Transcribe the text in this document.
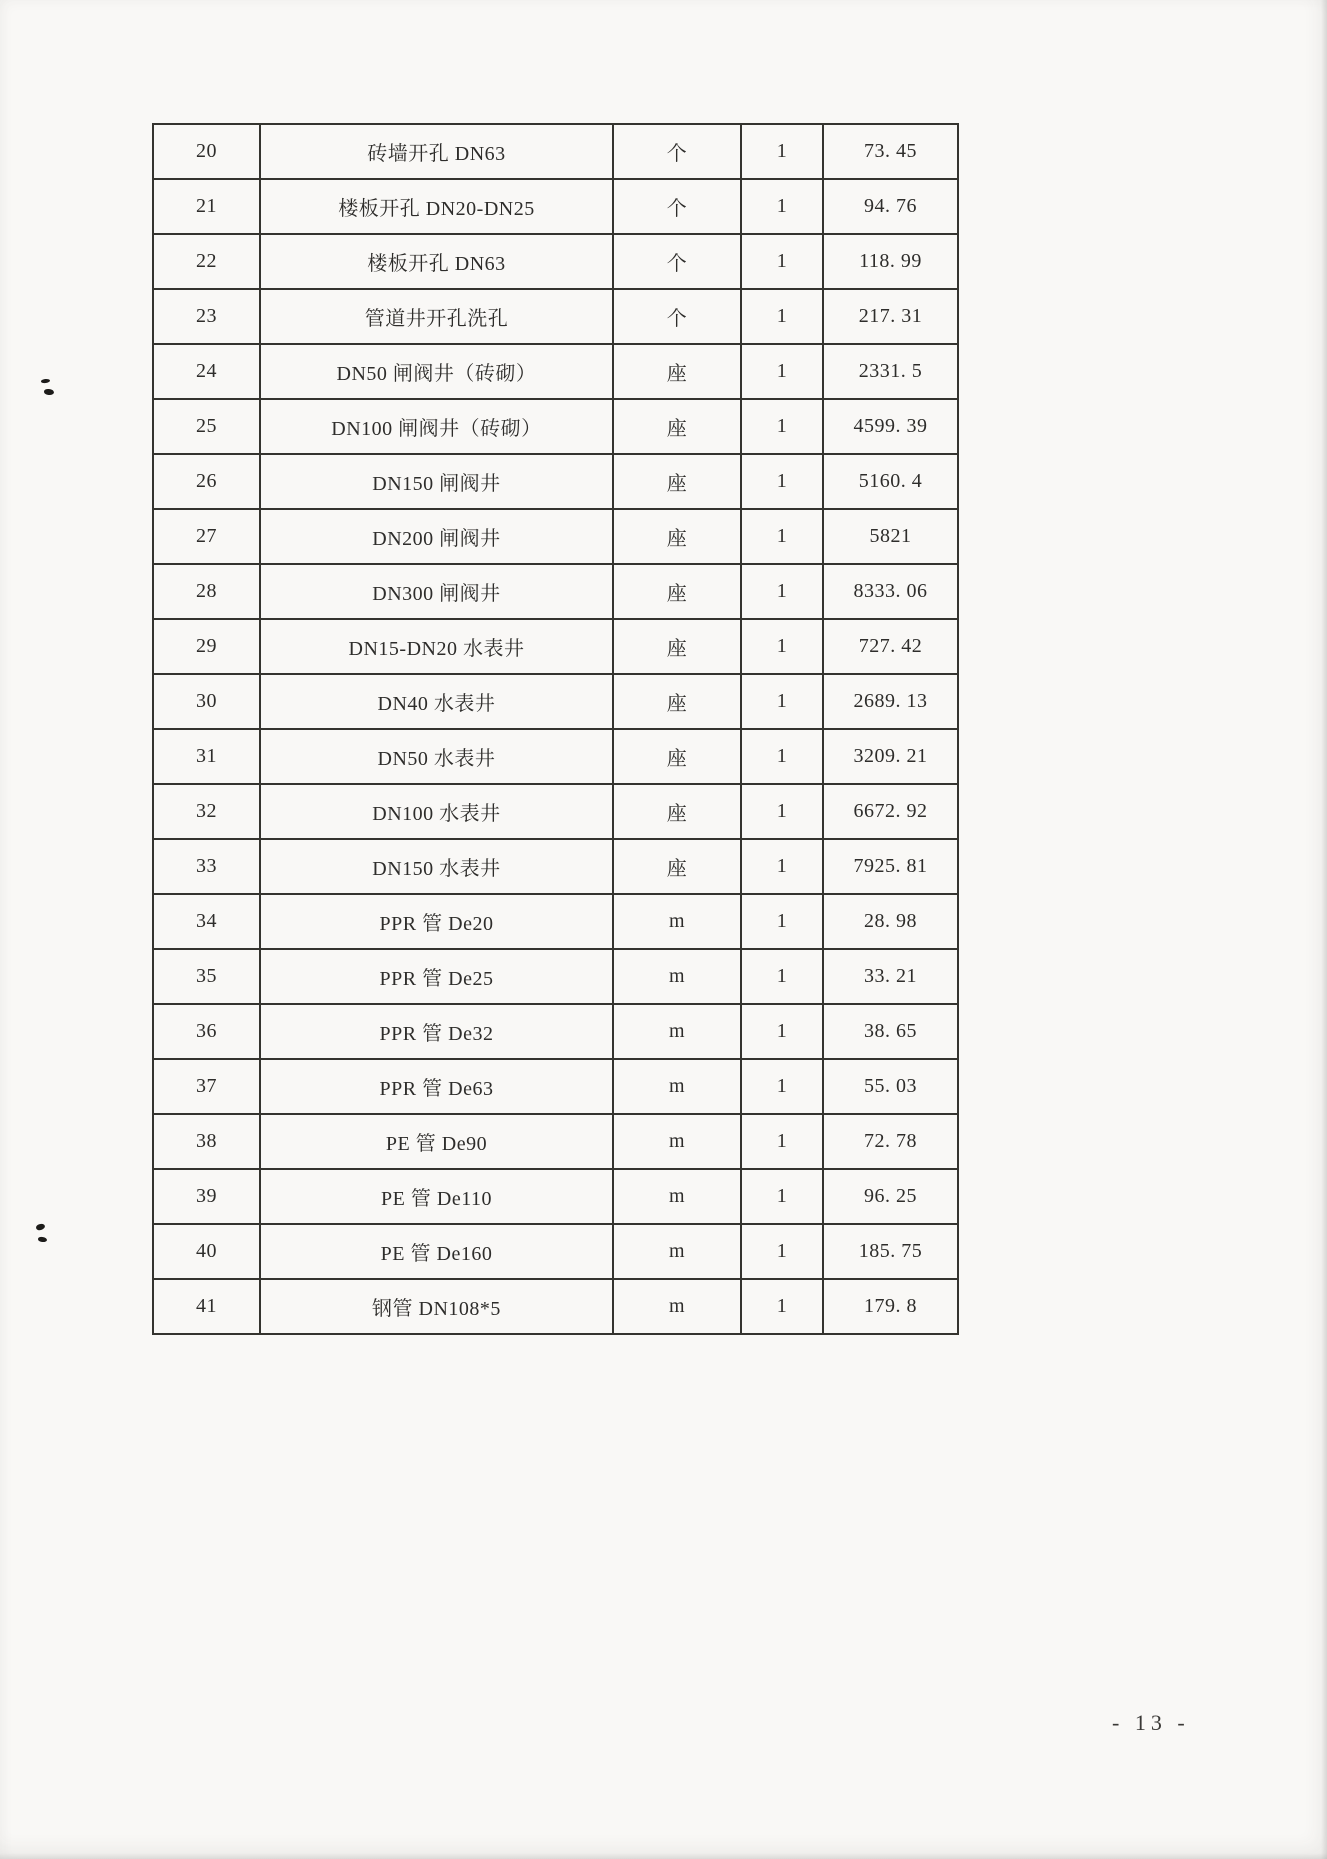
20	砖墙开孔 DN63	个	1	73. 45
21	楼板开孔 DN20-DN25	个	1	94. 76
22	楼板开孔 DN63	个	1	118. 99
23	管道井开孔洗孔	个	1	217. 31
24	DN50 闸阀井（砖砌）	座	1	2331. 5
25	DN100 闸阀井（砖砌）	座	1	4599. 39
26	DN150 闸阀井	座	1	5160. 4
27	DN200 闸阀井	座	1	5821
28	DN300 闸阀井	座	1	8333. 06
29	DN15-DN20 水表井	座	1	727. 42
30	DN40 水表井	座	1	2689. 13
31	DN50 水表井	座	1	3209. 21
32	DN100 水表井	座	1	6672. 92
33	DN150 水表井	座	1	7925. 81
34	PPR 管 De20	m	1	28. 98
35	PPR 管 De25	m	1	33. 21
36	PPR 管 De32	m	1	38. 65
37	PPR 管 De63	m	1	55. 03
38	PE 管 De90	m	1	72. 78
39	PE 管 De110	m	1	96. 25
40	PE 管 De160	m	1	185. 75
41	钢管 DN108*5	m	1	179. 8
- 13 -
